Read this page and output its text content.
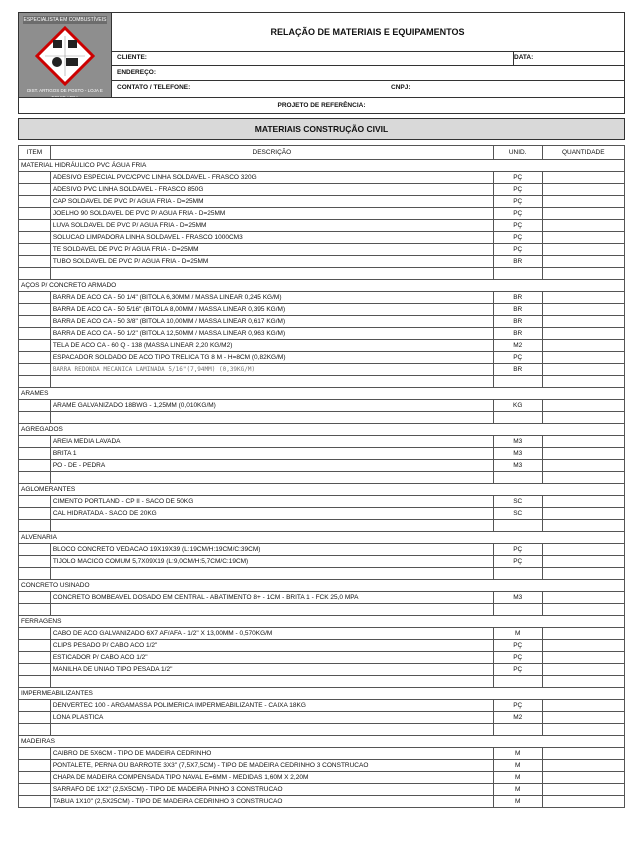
ESPECIALISTA EM COMBUSTÍVEIS
DIST. ARTIGOS DE POSTO - LOJA E EQUIP. LTDA
RELAÇÃO DE MATERIAIS E EQUIPAMENTOS
CLIENTE:	DATA:
ENDEREÇO:
CONTATO / TELEFONE:	CNPJ:
PROJETO DE REFERÊNCIA:
MATERIAIS CONSTRUÇÃO CIVIL
ITEM	DESCRIÇÃO	UNID.	QUANTIDADE
MATERIAL HIDRÁULICO PVC ÁGUA FRIA			
	ADESIVO ESPECIAL PVC/CPVC LINHA SOLDAVEL - FRASCO 320G	PÇ	
	ADESIVO PVC LINHA SOLDAVEL - FRASCO 850G	PÇ	
	CAP SOLDAVEL DE PVC P/ AGUA FRIA - D=25MM	PÇ	
	JOELHO 90 SOLDAVEL DE PVC P/ AGUA FRIA - D=25MM	PÇ	
	LUVA SOLDAVEL DE PVC P/ AGUA FRIA - D=25MM	PÇ	
	SOLUCAO LIMPADORA LINHA SOLDAVEL - FRASCO 1000CM3	PÇ	
	TE SOLDAVEL DE PVC P/ AGUA FRIA - D=25MM	PÇ	
	TUBO SOLDAVEL DE PVC P/ AGUA FRIA - D=25MM	BR	

AÇOS P/ CONCRETO ARMADO			
	BARRA DE ACO CA - 50 1/4" (BITOLA 6,30MM / MASSA LINEAR 0,245 KG/M)	BR	
	BARRA DE ACO CA - 50 5/16" (BITOLA 8,00MM / MASSA LINEAR 0,395 KG/M)	BR	
	BARRA DE ACO CA - 50 3/8" (BITOLA 10,00MM / MASSA LINEAR 0,617 KG/M)	BR	
	BARRA DE ACO CA - 50 1/2" (BITOLA 12,50MM / MASSA LINEAR 0,963 KG/M)	BR	
	TELA DE ACO CA - 60 Q - 138 (MASSA LINEAR 2,20 KG/M2)	M2	
	ESPACADOR SOLDADO DE ACO TIPO TRELICA TG 8 M - H=8CM (0,82KG/M)	PÇ	
	BARRA REDONDA MECANICA LAMINADA 5/16"(7,94MM) (0,39KG/M)	BR	

ARAMES			
	ARAME GALVANIZADO 18BWG - 1,25MM (0,010KG/M)	KG	

AGREGADOS			
	AREIA MEDIA LAVADA	M3	
	BRITA 1	M3	
	PO - DE - PEDRA	M3	

AGLOMERANTES			
	CIMENTO PORTLAND - CP II - SACO DE 50KG	SC	
	CAL HIDRATADA - SACO DE 20KG	SC	

ALVENARIA			
	BLOCO CONCRETO VEDACAO 19X19X39 (L:19CM/H:19CM/C:39CM)	PÇ	
	TIJOLO MACICO COMUM 5,7X09X19 (L:9,0CM/H:5,7CM/C:19CM)	PÇ	

CONCRETO USINADO			
	CONCRETO BOMBEAVEL DOSADO EM CENTRAL - ABATIMENTO 8+ - 1CM - BRITA 1 - FCK 25,0 MPA	M3	

FERRAGENS			
	CABO DE ACO GALVANIZADO 6X7 AF/AFA - 1/2" X 13,00MM - 0,570KG/M	M	
	CLIPS PESADO P/ CABO ACO 1/2"	PÇ	
	ESTICADOR P/ CABO ACO 1/2"	PÇ	
	MANILHA DE UNIAO TIPO PESADA 1/2"	PÇ	

IMPERMEABILIZANTES			
	DENVERTEC 100 - ARGAMASSA POLIMERICA IMPERMEABILIZANTE - CAIXA 18KG	PÇ	
	LONA PLASTICA	M2	

MADEIRAS			
	CAIBRO DE 5X6CM - TIPO DE MADEIRA CEDRINHO	M	
	PONTALETE, PERNA OU BARROTE 3X3" (7,5X7,5CM) - TIPO DE MADEIRA CEDRINHO 3 CONSTRUCAO	M	
	CHAPA DE MADEIRA COMPENSADA TIPO NAVAL E=6MM - MEDIDAS 1,60M X 2,20M	M	
	SARRAFO DE 1X2" (2,5X5CM) - TIPO DE MADEIRA PINHO 3 CONSTRUCAO	M	
	TABUA 1X10" (2,5X25CM) - TIPO DE MADEIRA CEDRINHO 3 CONSTRUCAO	M	
